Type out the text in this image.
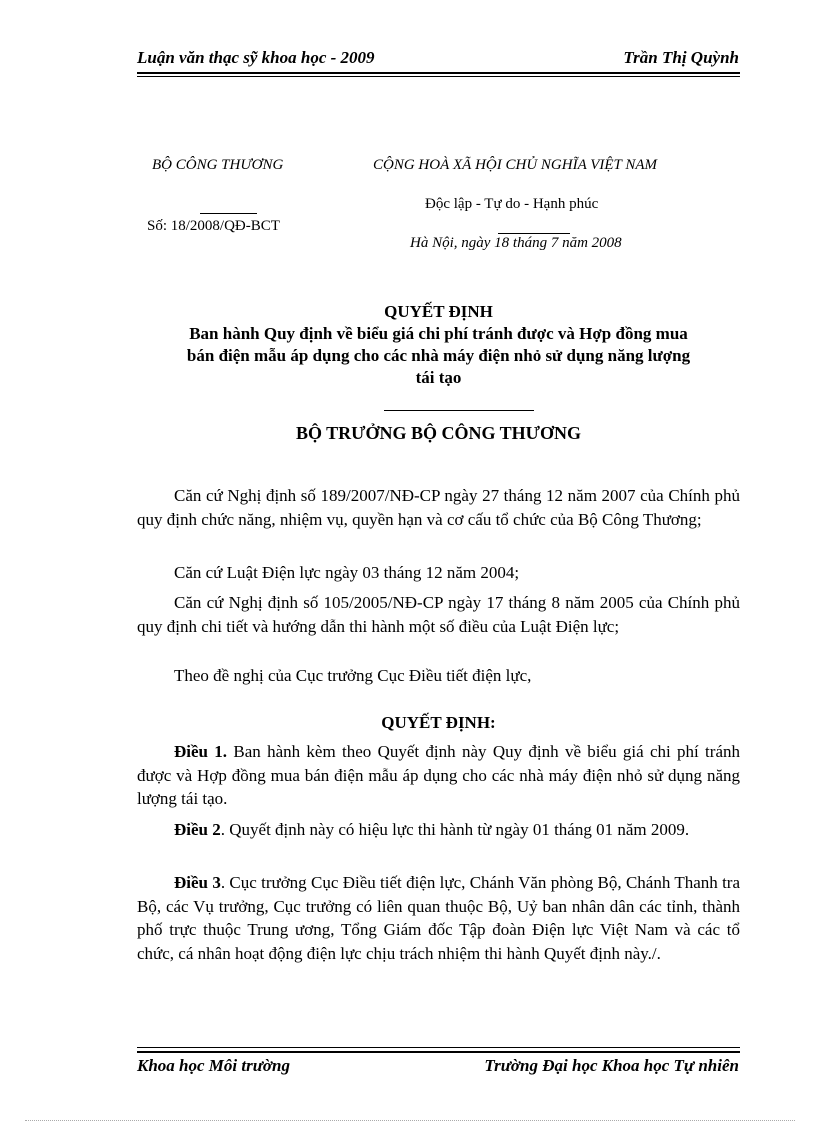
Luận văn thạc sỹ khoa học - 2009	Trần Thị Quỳnh
BỘ CÔNG THƯƠNG
Số: 18/2008/QĐ-BCT
CỘNG HOÀ XÃ HỘI CHỦ NGHĨA VIỆT NAM
Độc lập - Tự do - Hạnh phúc
Hà Nội, ngày 18 tháng 7 năm 2008
QUYẾT ĐỊNH
Ban hành Quy định về biểu giá chi phí tránh được và Hợp đồng mua
bán điện mẫu áp dụng cho các nhà máy điện nhỏ sử dụng năng lượng
tái tạo
BỘ TRƯỞNG BỘ CÔNG THƯƠNG
Căn cứ Nghị định số 189/2007/NĐ-CP ngày 27 tháng 12 năm 2007 của Chính phủ quy định chức năng, nhiệm vụ, quyền hạn và cơ cấu tổ chức của Bộ Công Thương;
Căn cứ Luật Điện lực ngày 03 tháng 12 năm 2004;
Căn cứ Nghị định số 105/2005/NĐ-CP ngày 17 tháng 8 năm 2005 của Chính phủ quy định chi tiết và hướng dẫn thi hành một số điều của Luật Điện lực;
Theo đề nghị của Cục trưởng Cục Điều tiết điện lực,
QUYẾT ĐỊNH:
Điều 1. Ban hành kèm theo Quyết định này Quy định về biểu giá chi phí tránh được và Hợp đồng mua bán điện mẫu áp dụng cho các nhà máy điện nhỏ sử dụng năng lượng tái tạo.
Điều 2. Quyết định này có hiệu lực thi hành từ ngày 01 tháng 01 năm 2009.
Điều 3. Cục trưởng Cục Điều tiết điện lực, Chánh Văn phòng Bộ, Chánh Thanh tra Bộ, các Vụ trưởng, Cục trưởng có liên quan thuộc Bộ, Uỷ ban nhân dân các tỉnh, thành phố trực thuộc Trung ương, Tổng Giám đốc Tập đoàn Điện lực Việt Nam và các tổ chức, cá nhân hoạt động điện lực chịu trách nhiệm thi hành Quyết định này./.
Khoa học Môi trường	Trường Đại học Khoa học Tự nhiên
